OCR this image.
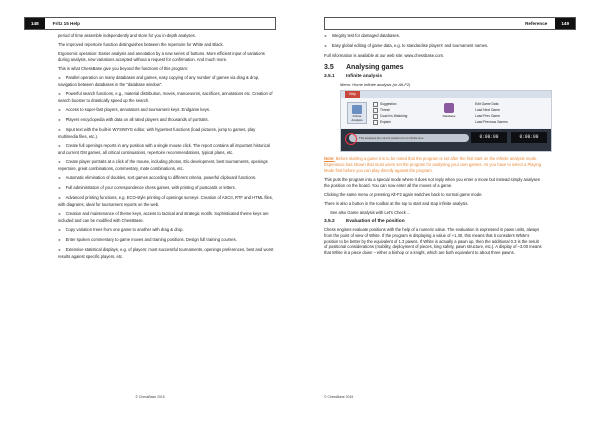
148	Fritz 15 Help
period of time assemble independently and store for you in-depth analyses.
The improved repertoire function distinguishes between the repertoire for White and Black.
Ergonomic operation: Easier analysis and annotation by a new series of buttons. More efficient input of variations during analysis, new variations accepted without a request for confirmation. And much more.
This is what ChessBase give you beyond the functions of this program:
► Parallel operation on many databases and games, easy copying of any number of games via drag & drop, navigation between databases in the "database window".
► Powerful search functions, e.g., material distribution, moves, manoeuvres, sacrifices, annotations etc. Creation of search booster to drastically speed up the search.
► Access to super-fast players, annotators and tournament keys. Endgame keys.
► Players encyclopedia with data on all rated players and thousands of portraits.
► Input text with the built-in WYSIWYG editor, with hypertext functions (load pictures, jump to games, play multimedia files, etc.).
► Create full openings reports in any position with a single mouse click. The report contains all important historical and current GM games, all critical continuations, repertoire recommendations, typical plans, etc.
► Create player portraits at a click of the mouse, including photos, Elo development, best tournaments, openings repertoire, great combinations, commentary, mate combinations, etc.
► Automatic elimination of doubles, sort games according to different criteria, powerful clipboard functions.
► Full administration of your correspondence chess games, with printing of postcards or letters.
► Advanced printing functions, e.g. ECO-style printing of openings surveys. Creation of ASCII, RTF and HTML files, with diagrams, ideal for tournament reports on the web.
► Creation and maintenance of theme keys, access to tactical and strategic motifs. Sophisticated theme keys are included and can be modified with ChessBase.
► Copy variation trees from one game to another with drag & drop.
► Enter spoken commentary to game moves and training positions. Design full training courses.
► Extensive statistical displays, e.g. of players: most successful tournaments, openings preferences, best and worst results against specific players, etc.
© ChessBase 2015
Reference	149
► Integrity test for damaged databases.
► Easy global editing of game data, e.g. to standardise players' and tournament names.
Full information is available at our web site: www.chessbase.com.
3.5	Analysing games
3.5.1	Infinite analysis
Menu: Home Infinite analysis (or Alt-F2)
Help
Infinite Analysis
Suggestion
Threat
Coach is Watching
Explain
Database
Edit Game Data
Load Next Game
Load Prev Game
Load Previous Games
This analyses the current position for an infinite time	0:00:00	0:00:00
Note: Before starting a game it is to be noted that the program is set after the first start on the Infinite analysis mode. Experience has shown that most users set the program for analysing your own games. As you have to select a Playing Mode first before you can play directly against the program.
This puts the program into a special mode where it does not reply when you enter a move but instead simply analyses the position on the board. You can now enter all the moves of a game.
Clicking the same menu or pressing Alt-F2 again switches back to normal game mode.
There is also a button in the toolbar at the top to start and stop infinite analysis.
See also Game analysis with Let's Check ...
3.5.2	Evaluation of the position
Chess engines evaluate positions with the help of a numeric value. The evaluation is expressed in pawn units, always from the point of view of White. If the program is displaying a value of +1.30, this means that it considers White's position to be better by the equivalent of 1.3 pawns. If White is actually a pawn up, then the additional 0.3 is the result of positional considerations (mobility, deployment of pieces, king safety, pawn structure, etc.). A display of –3.00 means that White is a piece down – either a bishop or a knight, which are both equivalent to about three pawns.
© ChessBase 2015
